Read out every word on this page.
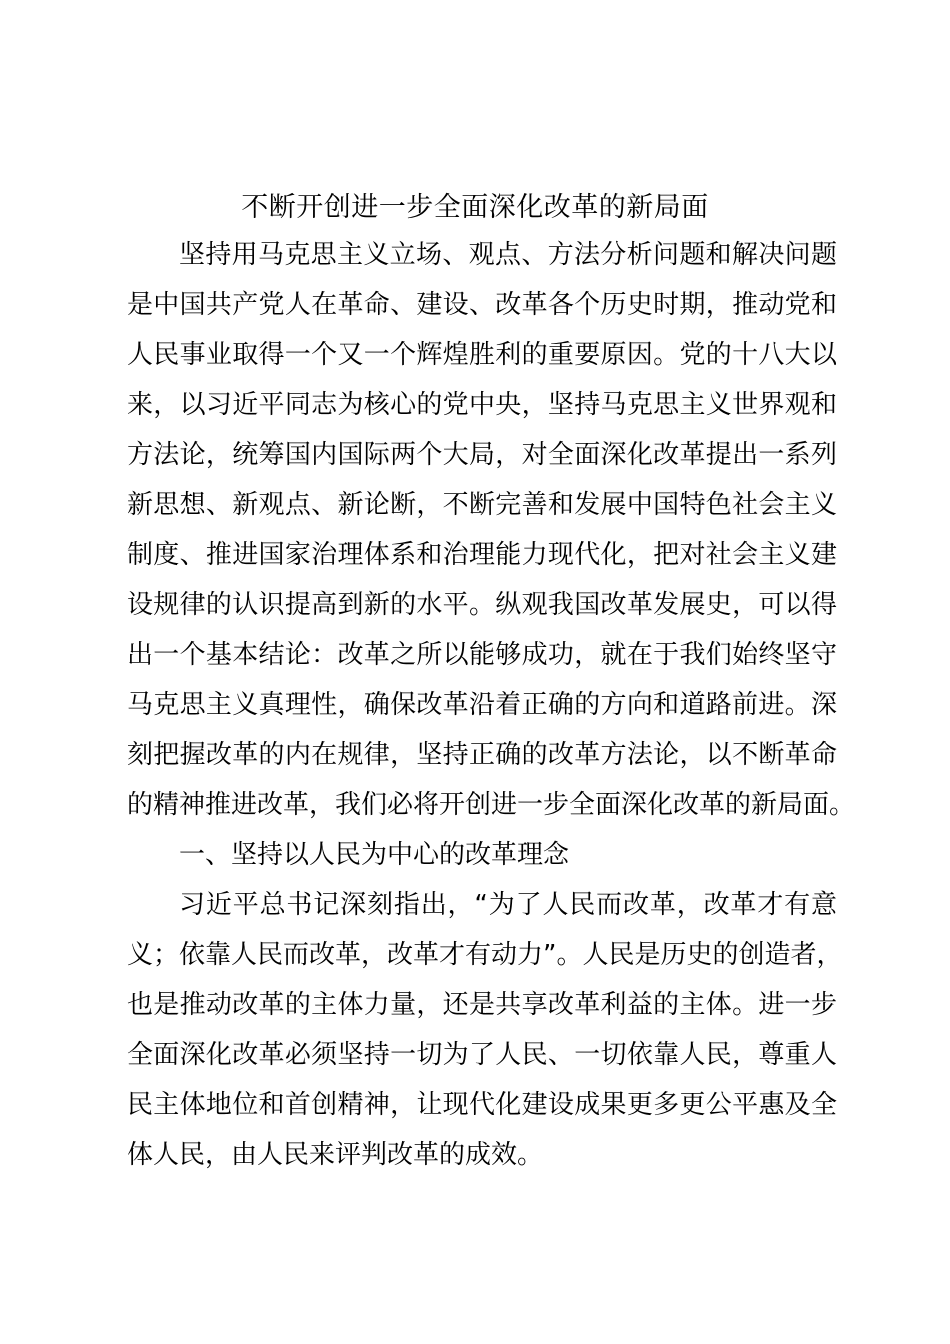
不断开创进一步全面深化改革的新局面

坚持用马克思主义立场、观点、方法分析问题和解决问题

是中国共产党人在革命、建设、改革各个历史时期，推动党和

人民事业取得一个又一个辉煌胜利的重要原因。党的十八大以

来，以习近平同志为核心的党中央，坚持马克思主义世界观和

方法论，统筹国内国际两个大局，对全面深化改革提出一系列

新思想、新观点、新论断，不断完善和发展中国特色社会主义

制度、推进国家治理体系和治理能力现代化，把对社会主义建

设规律的认识提高到新的水平。纵观我国改革发展史，可以得

出一个基本结论：改革之所以能够成功，就在于我们始终坚守

马克思主义真理性，确保改革沿着正确的方向和道路前进。深

刻把握改革的内在规律，坚持正确的改革方法论，以不断革命

的精神推进改革，我们必将开创进一步全面深化改革的新局面。

一、坚持以人民为中心的改革理念

习近平总书记深刻指出，“为了人民而改革，改革才有意

义；依靠人民而改革，改革才有动力”。人民是历史的创造者，

也是推动改革的主体力量，还是共享改革利益的主体。进一步

全面深化改革必须坚持一切为了人民、一切依靠人民，尊重人

民主体地位和首创精神，让现代化建设成果更多更公平惠及全

体人民，由人民来评判改革的成效。
